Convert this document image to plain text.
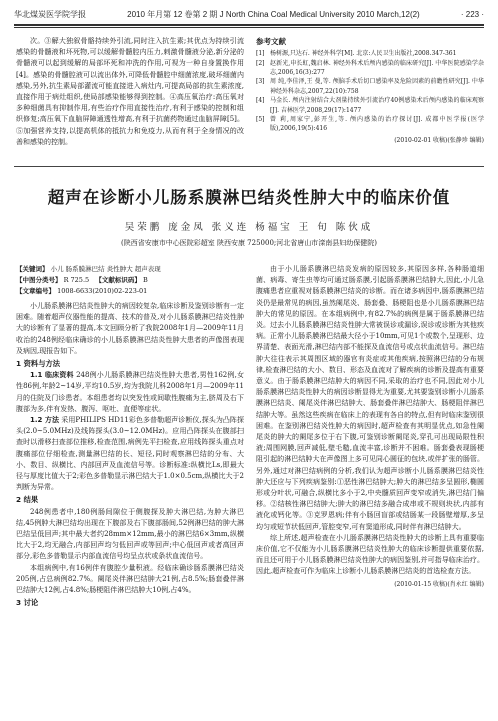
华北煤炭医学院学报	2010 年月第 12 卷第 2 期 J North China Coal Medical University 2010 March,12(2)	· 223 ·

次。③解大独叙骨骼持续外引流,同时注入抗生素;其优点为持续引流感染的骨髓液和坏死物,可以缓解骨髓腔内压力,刺激骨髓液分泌,新分泌的骨髓液可以起到缓解的局部坏死和冲洗的作用,可视为一种自身置换作用[4]。感染的骨髓腔液可以流出体外,可降低骨髓腔中细菌浓度,破坏细菌内感染,另外,抗生素局部灌流可能直接进入病灶内,可提高局部的抗生素浓度,直接作用于病灶组织,使局部感染能够得到控制。④高压氧治疗:高压氧对多种细菌具有抑制作用,有些治疗作用直接性治疗,有利于感染的控制和组织修复;高压氧下血脑屏障通透性增高,有利于抗菌药物通过血脑屏障[5]。⑤加强营养支持,以提高机体的抵抗力和免疫力,从而有利于全身情况的改善和感染的控制。

参考文献
[1] 杨树源,只达石. 神经外科学[M]. 北京:人民卫生出版社,2008.347-361
[2] 赵新光,申长虹,魏启林. 神经外科术后颅内感染的临床研究[J]. 中华医院感染学杂志,2006,16(3):277
[3] 周 纯,李佳泽,王 曼,等. 颅脑手术后切口感染率及危险因素的前瞻性研究[J]. 中华神经外科杂志,2007,22(10):758
[4] 马金长. 颅内注射结合大剂量持续外引流治疗40例感染术后颅内感染的临床观察[J]. 吉林医学,2008,29(17):1477
[5] 曾 莉,周家宁,彭开生,等. 颅内感染的治疗探讨[J]. 成都中医学报(医学版),2006,19(5):416
(2010-02-01 收稿)(张静珍 编辑)
超声在诊断小儿肠系膜淋巴结炎性肿大中的临床价值
吴荣鹏 庞金凤 张义连 杨福宝 王 旬 陈伙成
(陕西省安康市中心医院彩超室 陕西安康 725000;河北省唐山市滦南县妇幼保健院)
【关键词】 小儿 肠系膜淋巴结 炎性肿大 超声表现
【中图分类号】 R 725.5 【文献标识码】 B
【文章编号】 1008-6633(2010)02-223-01

小儿肠系膜淋巴结炎性肿大的病因较复杂,临床诊断及鉴别诊断有一定困难。随着超声仪器性能的提高、技术的普及,对小儿肠系膜淋巴结炎性肿大的诊断有了显著的提高,本文回顾分析了我院2008年1月—2009年11月收治的248例经临床确诊的小儿肠系膜淋巴结炎性肿大患者的声像图表现及病因,现报告如下。

1 资料与方法

1.1 临床资料 248例小儿肠系膜淋巴结炎性肿大患者,男性162例,女性86例,年龄2~14岁,平均10.5岁,均为我院儿科2008年1月—2009年11月的住院及门诊患者。本组患者均以突发性或间歇性腹痛为主,脐周及右下腹部为多,伴有发热、腹泻、呕吐、直便等症状。

1.2 方法 采用PHILIPS HD11彩色多普勒超声诊断仪,探头为凸阵探头(2.0~5.0MHz)及线阵探头(3.0~12.0MHz)。应用凸阵探头在腹部扫查时以滑移扫查部位推移,检查范围,病例先平扫检查,应用线阵探头重点对腹痛部位仔细检查,测量淋巴结的长、短径,同时观察淋巴结的分布、大小、数目、纵横比、内部回声及血流信号等。诊断标准:纵横比Ls,即最大径与厚度比值大于2;彩色多普勒显示淋巴结大于1.0×0.5cm,纵横比大于2判断为异常。

2 结果

248例患者中,180例肠间隙位于侧腹探及肿大淋巴结,为肿大淋巴结,45例肿大淋巴结均出现在下腹部及右下腹部肠间,52例淋巴结的肿大淋巴结呈低回声;其中最大者约28mm×12mm,最小的淋巴结6×3mm,纵横比大于2,均无融合,内部回声均匀低回声或等回声;中心低回声或者高回声部分,彩色多普勒显示内部血流信号均呈点状或条状血流信号。

本组病例中,有16例伴有腹腔少量积液。经临床确诊肠系膜淋巴结炎205例,占总病例82.7%。阑尾炎伴淋巴结肿大21例,占8.5%;肠套叠伴淋巴结肿大12例,占4.8%;肠梗阻伴淋巴结肿大10例,占4%。

3 讨论

由于小儿肠系膜淋巴结炎发病的原因较多,其原因多样,各种肠道细菌、病毒、寄生虫等均可通过肠系膜,引起肠系膜淋巴结肿大,因此,小儿急腹痛患者应重视对肠系膜淋巴结炎的诊断。而在诸多病因中,肠系膜淋巴结炎仍是最常见的病因,虽然阑尾炎、肠套叠、肠梗阻也是小儿肠系膜淋巴结肿大的常见的原因。在本组病例中,有82.7%的病例是属于肠系膜淋巴结炎。过去小儿肠系膜淋巴结炎性肿大常被误诊或漏诊,误诊或诊断为其他疾病。正常小儿肠系膜淋巴结最大径小于10mm,可见1个或数个,呈现形、边界清楚、表面光滑,淋巴结内部不能探及血流信号或点状血流信号。淋巴结肿大往往表示其周围区域的器官有炎症或其他疾病,按照淋巴结的分布规律,检查淋巴结的大小、数目、形态及血流对了解疾病的诊断及提高有重要意义。由于肠系膜淋巴结肿大的病因不同,采取的治疗也不同,因此对小儿肠系膜淋巴结炎性肿大的病因诊断显得尤为重要,尤其要鉴别诊断小儿肠系膜淋巴结炎、阑尾炎伴淋巴结肿大、肠套叠伴淋巴结肿大、肠梗阻伴淋巴结肿大等。虽然这些疾病在临床上的表现有各自的特点,但有时临床鉴别很困难。在鉴别淋巴结炎性肿大的病因时,超声检查有其明显优点,如急性阑尾炎的肿大的阑尾多位于右下腹,可鉴别诊断阑尾炎,穿孔可出现局限性积液;周围网膜,回声减低,壁毛糙,血流丰富,诊断并不困难。肠套叠表现肠梗阻引起的淋巴结肿大在声像图上多可见同心圆征的包块,或伴扩张的肠管。另外,通过对淋巴结病例的分析,我们认为超声诊断小儿肠系膜淋巴结炎性肿大还应与下列疾病鉴别:①恶性淋巴结肿大;肿大的淋巴结多呈圆形,椭圆形或分叶状,可融合,纵横比多小于2,中央髓质回声变窄或消失,淋巴结门偏移。②结核性淋巴结肿大;肿大的淋巴结多融合成串或不规则块状,内部有液化或钙化等。③克罗恩病;伴有小肠回盲部或结肠某一段肠壁增厚,多呈均匀或短节状低回声,管腔变窄,可有窦道形成,同时伴有淋巴结肿大。

综上所述,超声检查在小儿肠系膜淋巴结炎性肿大的诊断上具有重要临床价值,它不仅能为小儿肠系膜淋巴结炎性肿大的临床诊断提供重要依据,而且还可用于小儿肠系膜淋巴结炎性肿大的病因鉴别,并可指导临床治疗。因此,超声检查可作为临床上诊断小儿肠系膜淋巴结炎的首选检查方法。

(2010-01-15 收稿)(肖永红 编辑)
